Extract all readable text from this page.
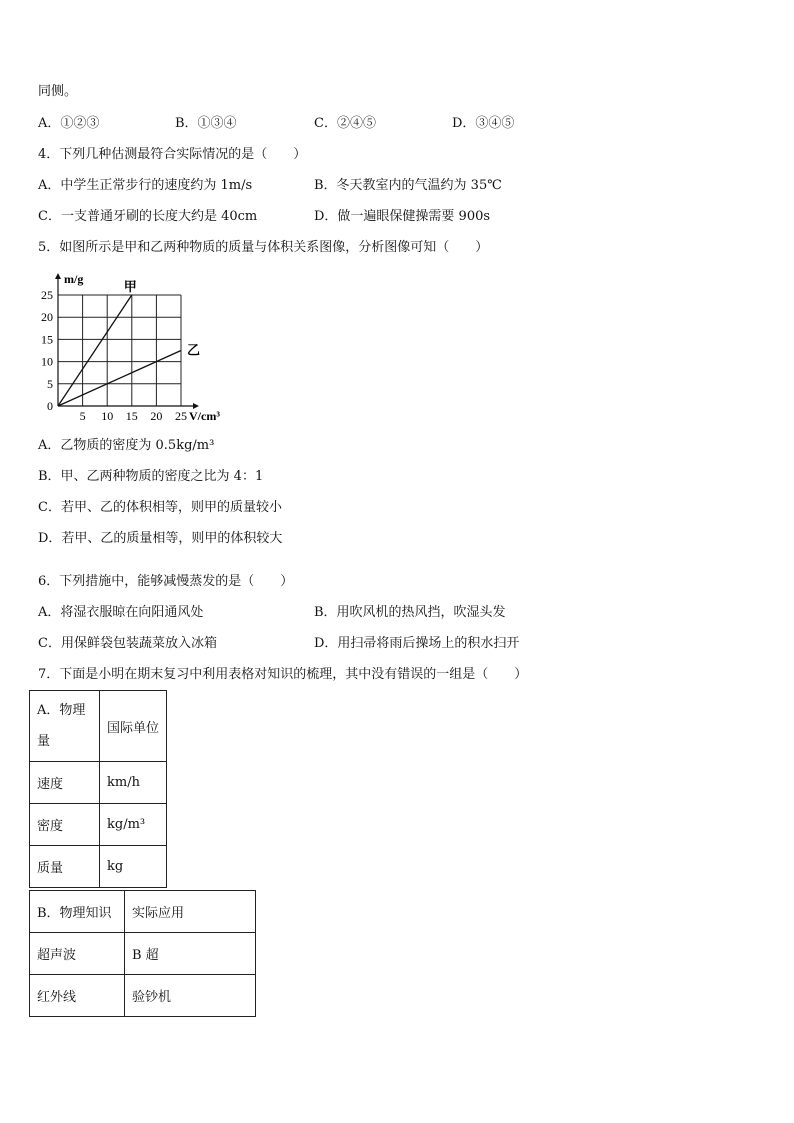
同侧。
A．①②③	B．①③④	C．②④⑤	D．③④⑤
4．下列几种估测最符合实际情况的是（　　）
A．中学生正常步行的速度约为 1m/s	B．冬天教室内的气温约为 35℃
C．一支普通牙刷的长度大约是 40cm	D．做一遍眼保健操需要 900s
5．如图所示是甲和乙两种物质的质量与体积关系图像，分析图像可知（　　）
5 10 15 20 25
5
10
15
20
25
0
V/cm³
m/g	甲
乙
A．乙物质的密度为 0.5kg/m³
B．甲、乙两种物质的密度之比为 4：1
C．若甲、乙的体积相等，则甲的质量较小
D．若甲、乙的质量相等，则甲的体积较大
6．下列措施中，能够减慢蒸发的是（　　）
A．将湿衣服晾在向阳通风处	B．用吹风机的热风挡，吹湿头发
C．用保鲜袋包装蔬菜放入冰箱	D．用扫帚将雨后操场上的积水扫开
7．下面是小明在期末复习中利用表格对知识的梳理，其中没有错误的一组是（　　）
A．物理量	国际单位
速度	km/h
密度	kg/m³
质量	kg
B．物理知识	实际应用
超声波	B 超
红外线	验钞机
